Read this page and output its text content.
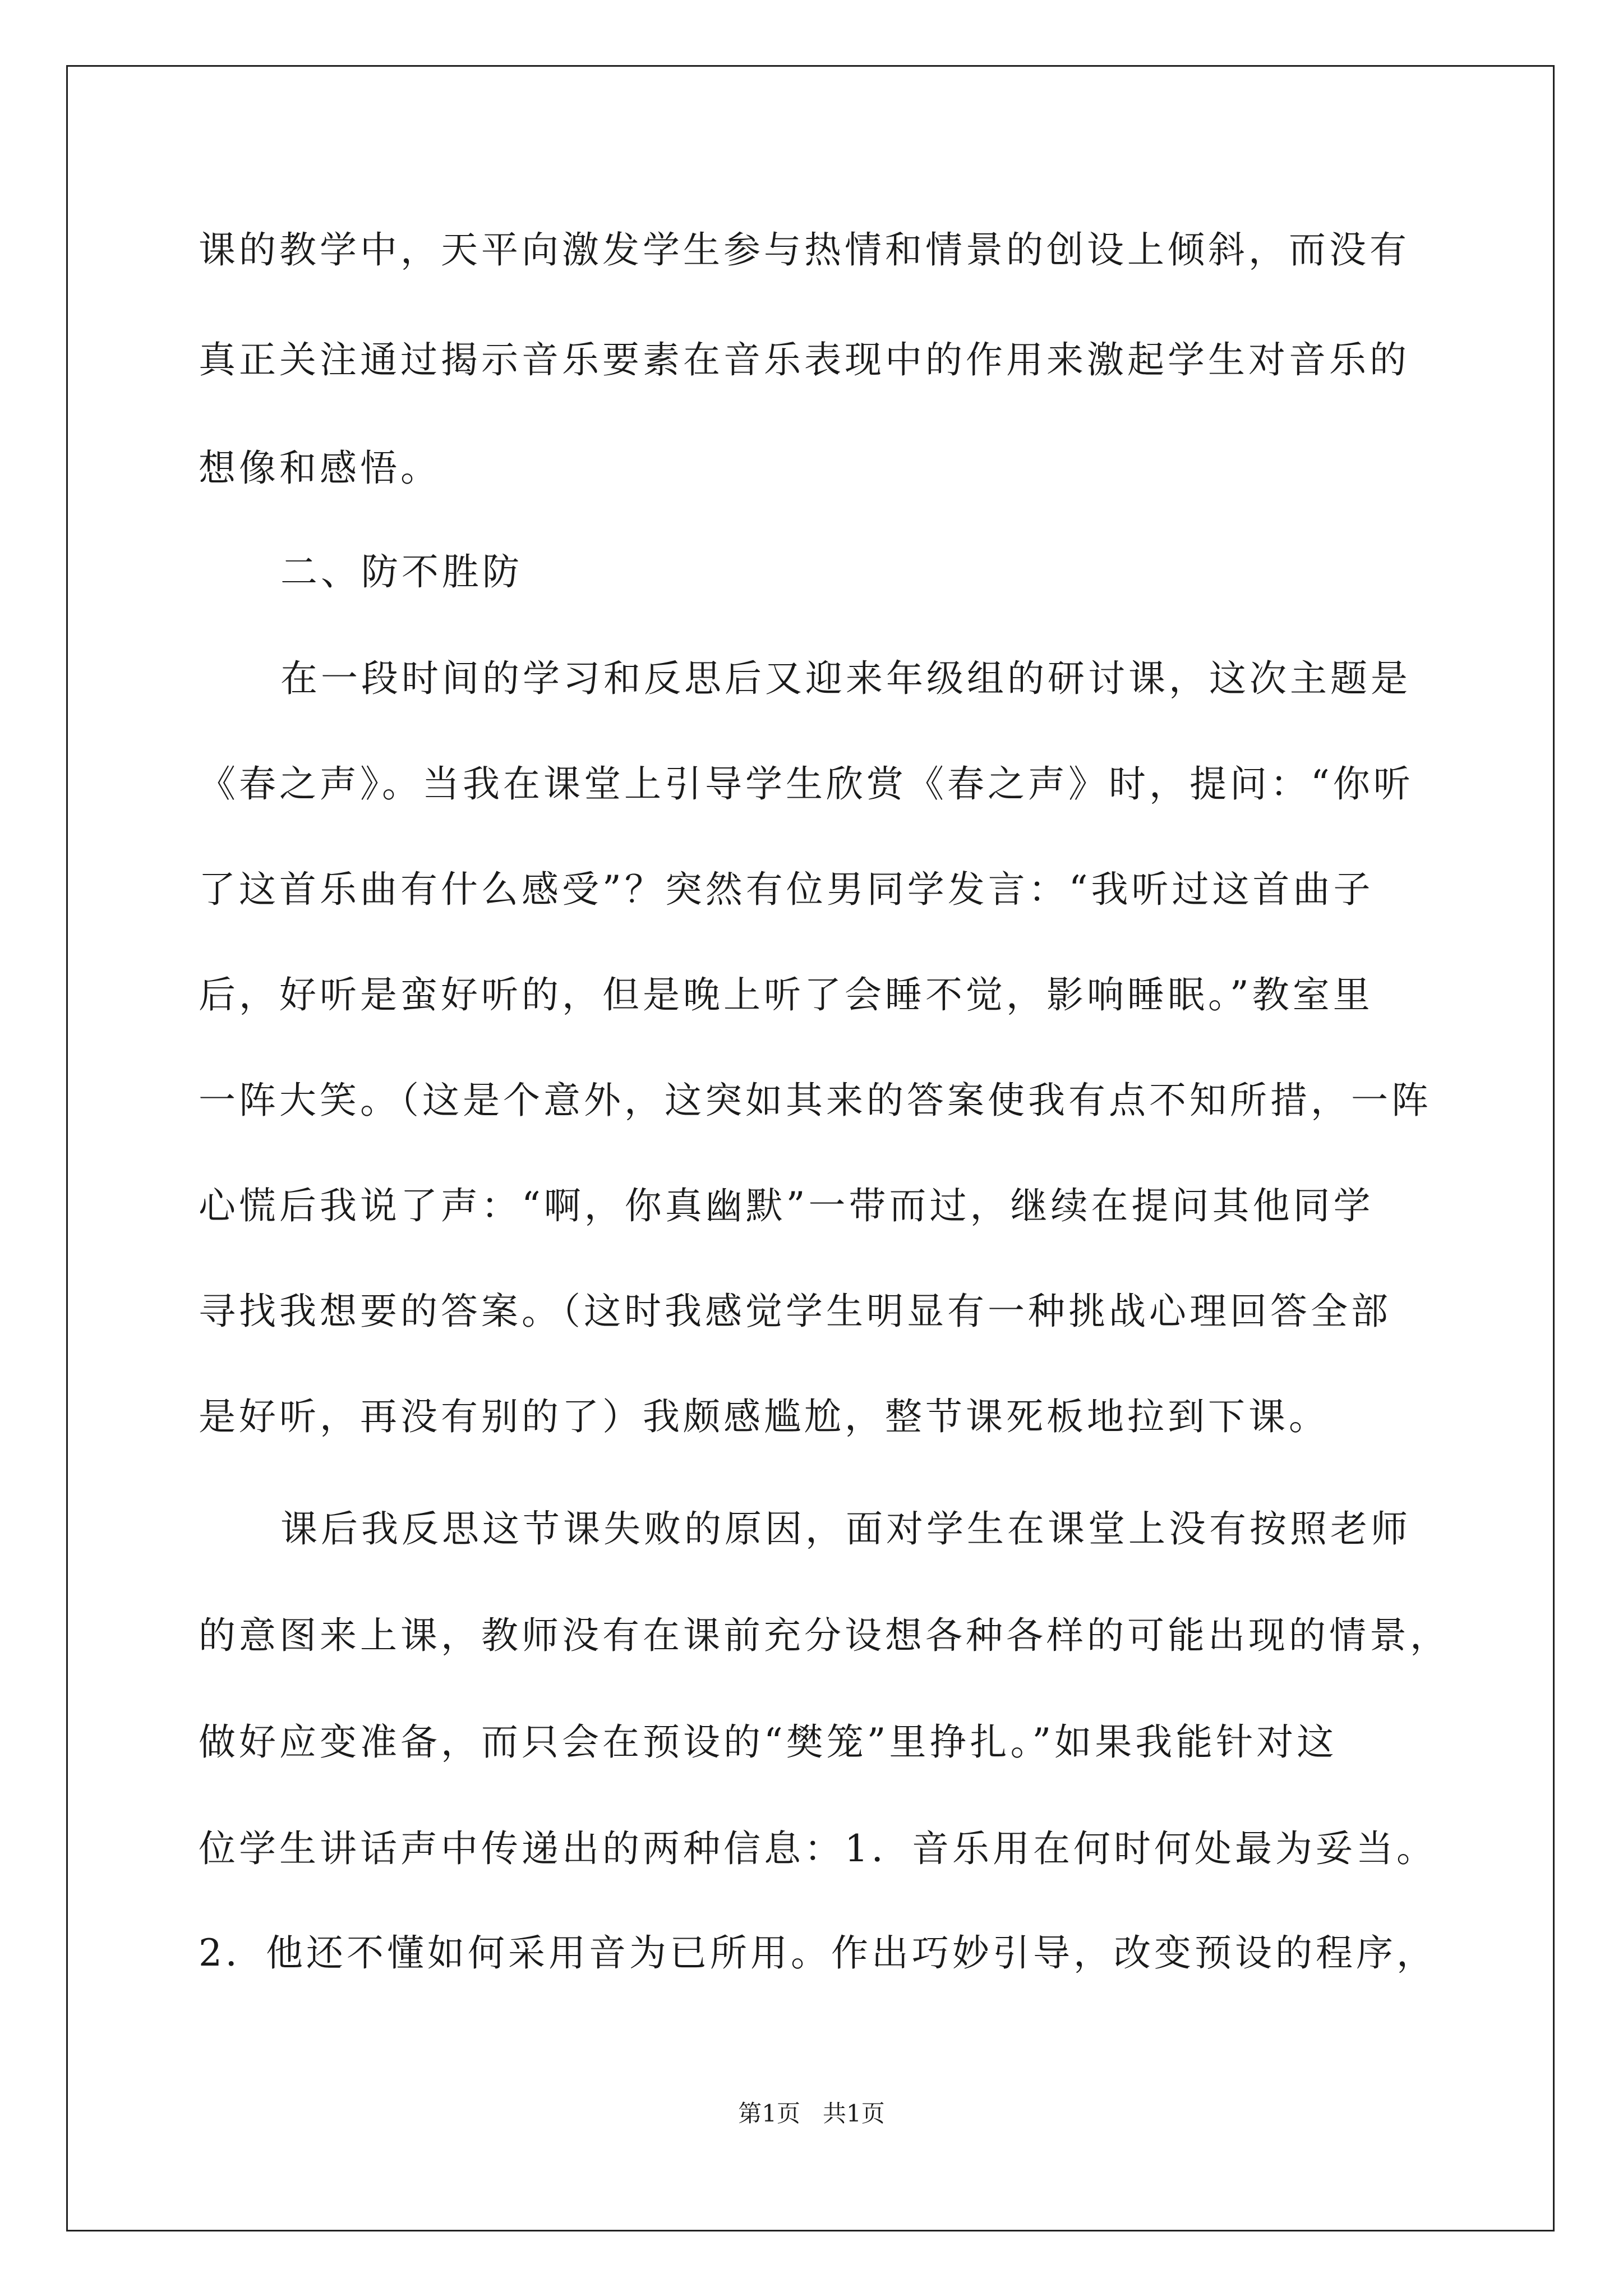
课的教学中，天平向激发学生参与热情和情景的创设上倾斜，而没有
真正关注通过揭示音乐要素在音乐表现中的作用来激起学生对音乐的
想像和感悟。
二、防不胜防
在一段时间的学习和反思后又迎来年级组的研讨课，这次主题是
《春之声》。当我在课堂上引导学生欣赏《春之声》时，提问：“你听
了这首乐曲有什么感受”？突然有位男同学发言：“我听过这首曲子
后，好听是蛮好听的，但是晚上听了会睡不觉，影响睡眠。”教室里
一阵大笑。（这是个意外，这突如其来的答案使我有点不知所措，一阵
心慌后我说了声：“啊，你真幽默”一带而过，继续在提问其他同学
寻找我想要的答案。（这时我感觉学生明显有一种挑战心理回答全部
是好听，再没有别的了）我颇感尴尬，整节课死板地拉到下课。
课后我反思这节课失败的原因，面对学生在课堂上没有按照老师
的意图来上课，教师没有在课前充分设想各种各样的可能出现的情景，
做好应变准备，而只会在预设的“樊笼”里挣扎。”如果我能针对这
位学生讲话声中传递出的两种信息：1．音乐用在何时何处最为妥当。
2．他还不懂如何采用音为已所用。作出巧妙引导，改变预设的程序，
第1页   共1页
